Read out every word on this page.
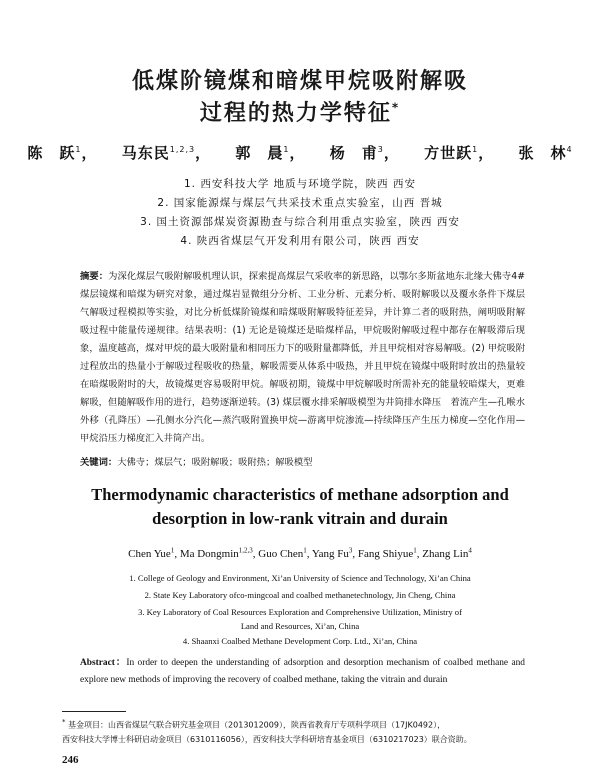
低煤阶镜煤和暗煤甲烷吸附解吸
过程的热力学特征*
陈　跃$^1$， 马东民$^{1,2,3}$， 郭　晨$^1$， 杨　甫$^3$， 方世跃$^1$， 张　林$^4$
1. 西安科技大学 地质与环境学院，陕西 西安
2. 国家能源煤与煤层气共采技术重点实验室，山西 晋城
3. 国土资源部煤炭资源勘查与综合利用重点实验室，陕西 西安
4. 陕西省煤层气开发利用有限公司，陕西 西安
摘要：为深化煤层气吸附解吸机理认识，探索提高煤层气采收率的新思路，以鄂尔多斯盆地东北缘大佛寺4#煤层镜煤和暗煤为研究对象，通过煤岩显微组分分析、工业分析、元素分析、吸附解吸以及覆水条件下煤层气解吸过程模拟等实验，对比分析低煤阶镜煤和暗煤吸附解吸特征差异，并计算二者的吸附热，阐明吸附解吸过程中能量传递规律。结果表明：(1) 无论是镜煤还是暗煤样品，甲烷吸附解吸过程中都存在解吸滞后现象，温度越高，煤对甲烷的最大吸附量和相同压力下的吸附量都降低，并且甲烷相对容易解吸。(2) 甲烷吸附过程放出的热量小于解吸过程吸收的热量，解吸需要从体系中吸热，并且甲烷在镜煤中吸附时放出的热量较在暗煤吸附时的大，故镜煤更容易吸附甲烷。解吸初期，镜煤中甲烷解吸时所需补充的能量较暗煤大，更难解吸，但随解吸作用的进行，趋势逐渐逆转。(3) 煤层覆水排采解吸模型为井筒排水降压　着流产生—孔喉水外移（孔降压）—孔侧水分汽化—蒸汽吸附置换甲烷—游离甲烷渗流—持续降压产生压力梯度—空化作用—甲烷沿压力梯度汇入井筒产出。
关键词：大佛寺；煤层气；吸附解吸；吸附热；解吸模型
Thermodynamic characteristics of methane adsorption and
desorption in low-rank vitrain and durain
Chen Yue$^1$, Ma Dongmin$^{1,2,3}$, Guo Chen$^1$, Yang Fu$^3$, Fang Shiyue$^1$, Zhang Lin$^4$
1. College of Geology and Environment, Xi’an University of Science and Technology, Xi’an China
2. State Key Laboratory ofco-mingcoal and coalbed methanetechnology, Jin Cheng, China
3. Key Laboratory of Coal Resources Exploration and Comprehensive Utilization, Ministry of
Land and Resources, Xi’an, China
4. Shaanxi Coalbed Methane Development Corp. Ltd., Xi’an, China
Abstract：In order to deepen the understanding of adsorption and desorption mechanism of coalbed methane and explore new methods of improving the recovery of coalbed methane, taking the vitrain and durain
* 基金项目：山西省煤层气联合研究基金项目（2013012009），陕西省教育厅专项科学项目（17JK0492），
西安科技大学博士科研启动金项目（6310116056），西安科技大学科研培育基金项目（6310217023）联合资助。
246
